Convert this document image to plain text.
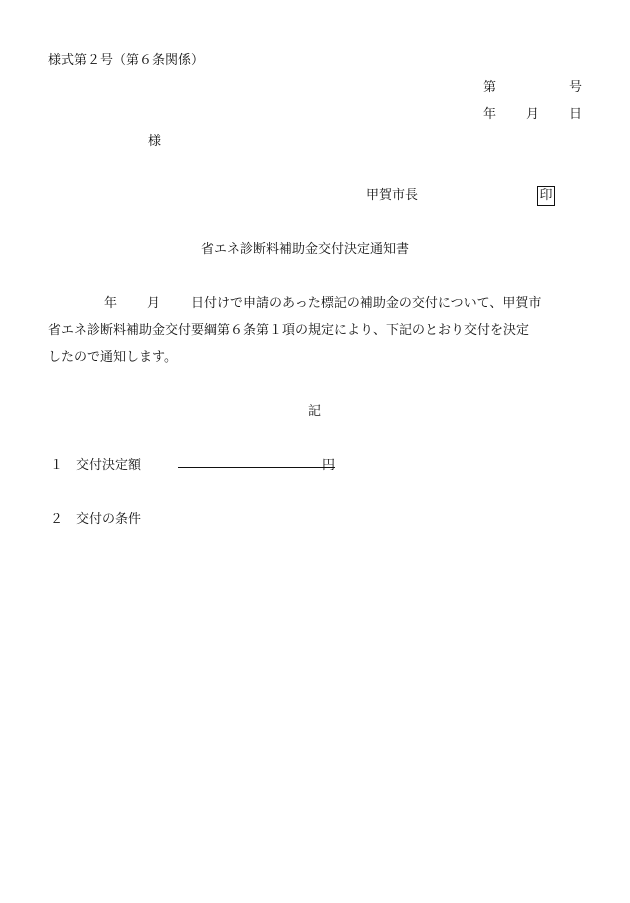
様式第２号（第６条関係）
第	号
年 月 日
様
甲賀市長	印
省エネ診断料補助金交付決定通知書
年 月 日付けで申請のあった標記の補助金の交付について、甲賀市
省エネ診断料補助金交付要綱第６条第１項の規定により、下記のとおり交付を決定
したので通知します。
記
１ 交付決定額	円
２ 交付の条件
